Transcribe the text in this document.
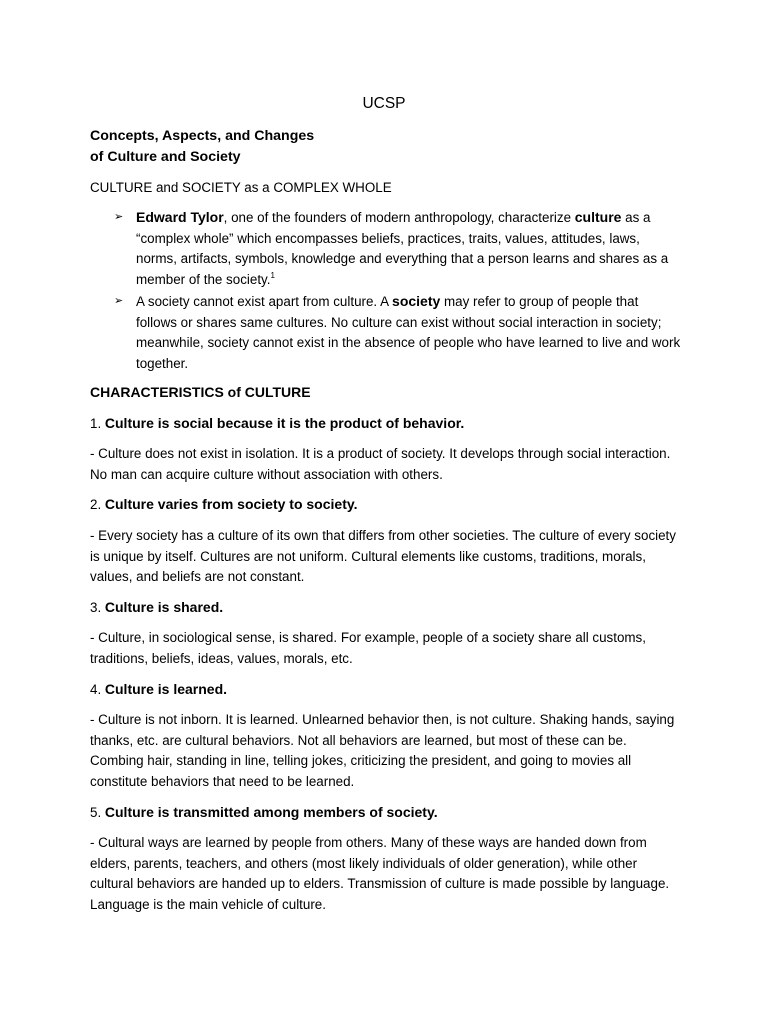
UCSP
Concepts, Aspects, and Changes
of Culture and Society
CULTURE and SOCIETY as a COMPLEX WHOLE
➢ Edward Tylor, one of the founders of modern anthropology, characterize culture as a “complex whole” which encompasses beliefs, practices, traits, values, attitudes, laws, norms, artifacts, symbols, knowledge and everything that a person learns and shares as a member of the society.$^1$
➢ A society cannot exist apart from culture. A society may refer to group of people that follows or shares same cultures. No culture can exist without social interaction in society; meanwhile, society cannot exist in the absence of people who have learned to live and work together.
CHARACTERISTICS of CULTURE
1. Culture is social because it is the product of behavior.
- Culture does not exist in isolation. It is a product of society. It develops through social interaction. No man can acquire culture without association with others.
2. Culture varies from society to society.
- Every society has a culture of its own that differs from other societies. The culture of every society is unique by itself. Cultures are not uniform. Cultural elements like customs, traditions, morals, values, and beliefs are not constant.
3. Culture is shared.
- Culture, in sociological sense, is shared. For example, people of a society share all customs, traditions, beliefs, ideas, values, morals, etc.
4. Culture is learned.
- Culture is not inborn. It is learned. Unlearned behavior then, is not culture. Shaking hands, saying thanks, etc. are cultural behaviors. Not all behaviors are learned, but most of these can be. Combing hair, standing in line, telling jokes, criticizing the president, and going to movies all constitute behaviors that need to be learned.
5. Culture is transmitted among members of society.
- Cultural ways are learned by people from others. Many of these ways are handed down from elders, parents, teachers, and others (most likely individuals of older generation), while other cultural behaviors are handed up to elders. Transmission of culture is made possible by language. Language is the main vehicle of culture.
